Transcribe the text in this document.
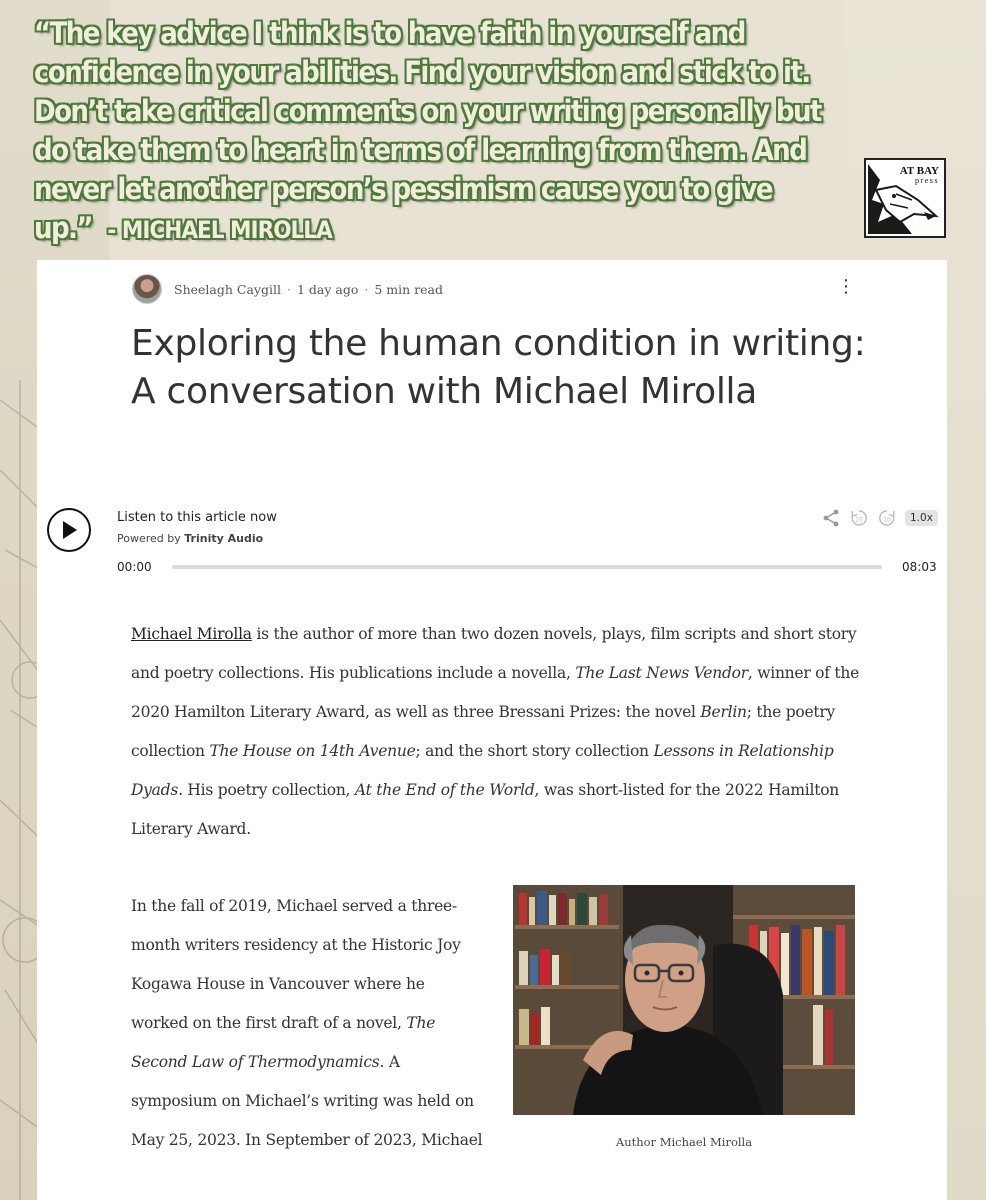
“The key advice I think is to have faith in yourself and confidence in your abilities. Find your vision and stick to it. Don’t take critical comments on your writing personally but do take them to heart in terms of learning from them. And never let another person’s pessimism cause you to give up.” - MICHAEL MIROLLA
AT BAY
press
Sheelagh Caygill · 1 day ago · 5 min read	⋮
Exploring the human condition in writing: A conversation with Michael Mirolla
Listen to this article now
Powered by Trinity Audio
10	10	1.0x
00:00	08:03

Michael Mirolla is the author of more than two dozen novels, plays, film scripts and short story and poetry collections. His publications include a novella, The Last News Vendor, winner of the 2020 Hamilton Literary Award, as well as three Bressani Prizes: the novel Berlin; the poetry collection The House on 14th Avenue; and the short story collection Lessons in Relationship Dyads. His poetry collection, At the End of the World, was short-listed for the 2022 Hamilton Literary Award.

In the fall of 2019, Michael served a three-month writers residency at the Historic Joy Kogawa House in Vancouver where he worked on the first draft of a novel, The Second Law of Thermodynamics. A symposium on Michael’s writing was held on May 25, 2023. In September of 2023, Michael	Author Michael Mirolla
